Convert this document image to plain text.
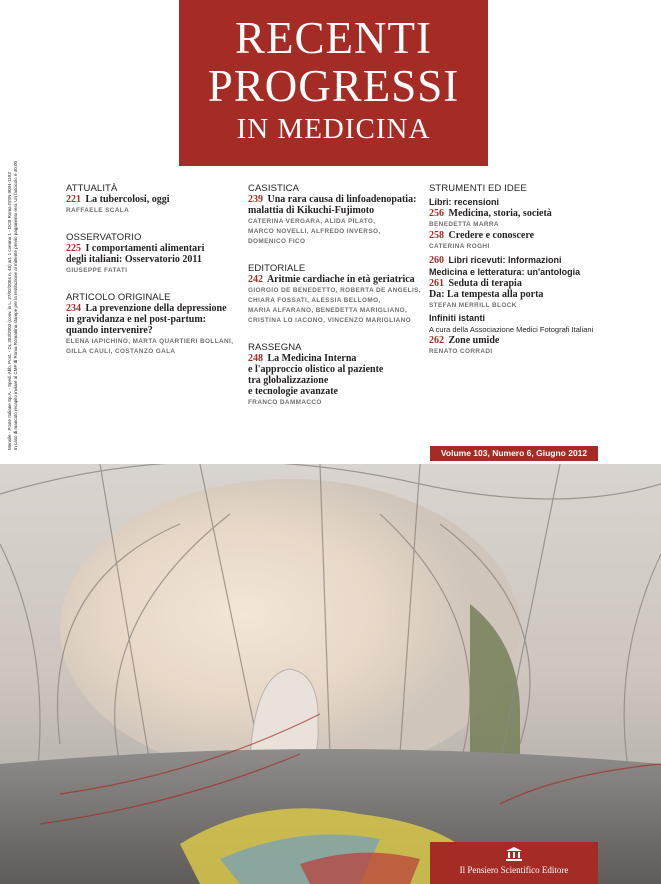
RECENTI
PROGRESSI
IN MEDICINA
Mensile - Poste Italiane Sp.A. - Sped. Abb. Post. - DL 353/2003 (conv. in L. 27/02/2004 n. 46) art. 1 comma 1 - DCB Roma ISSN 0034-1193 In caso di mancato recapito inviare al CMP di Roma Romanina stampe per la restituzione al mittente previo pagamento resi. Un fascicolo e 40,00	ATTUALITÀ
221 La tubercolosi, oggi
RAFFAELE SCALA
OSSERVATORIO
225 I comportamenti alimentari
degli italiani: Osservatorio 2011
GIUSEPPE FATATI
ARTICOLO ORIGINALE
234 La prevenzione della depressione
in gravidanza e nel post-partum:
quando intervenire?
ELENA IAPICHINO, MARTA QUARTIERI BOLLANI,
GILLA CAULI, COSTANZO GALA
CASISTICA
239 Una rara causa di linfoadenopatia:
malattia di Kikuchi-Fujimoto
CATERINA VERGARA, ALIDA PILATO,
MARCO NOVELLI, ALFREDO INVERSO,
DOMENICO FICO
EDITORIALE
242 Aritmie cardiache in età geriatrica
GIORGIO DE BENEDETTO, ROBERTA DE ANGELIS,
CHIARA FOSSATI, ALESSIA BELLOMO,
MARIA ALFARANO, BENEDETTA MARIGLIANO,
CRISTINA LO IACONO, VINCENZO MARIGLIANO
RASSEGNA
248 La Medicina Interna
e l'approccio olistico al paziente
tra globalizzazione
e tecnologie avanzate
FRANCO DAMMACCO
STRUMENTI ED IDEE
Libri: recensioni
256 Medicina, storia, società
BENEDETTA MARRA
258 Credere e conoscere
CATERINA ROGHI
260 Libri ricevuti: Informazioni
Medicina e letteratura: un'antologia
261 Seduta di terapia
Da: La tempesta alla porta
STEFAN MERRILL BLOCK
Infiniti istanti
A cura della Associazione Medici Fotografi Italiani
262 Zone umide
RENATO CORRADI
Volume 103, Numero 6, Giugno 2012
Il Pensiero Scientifico Editore
